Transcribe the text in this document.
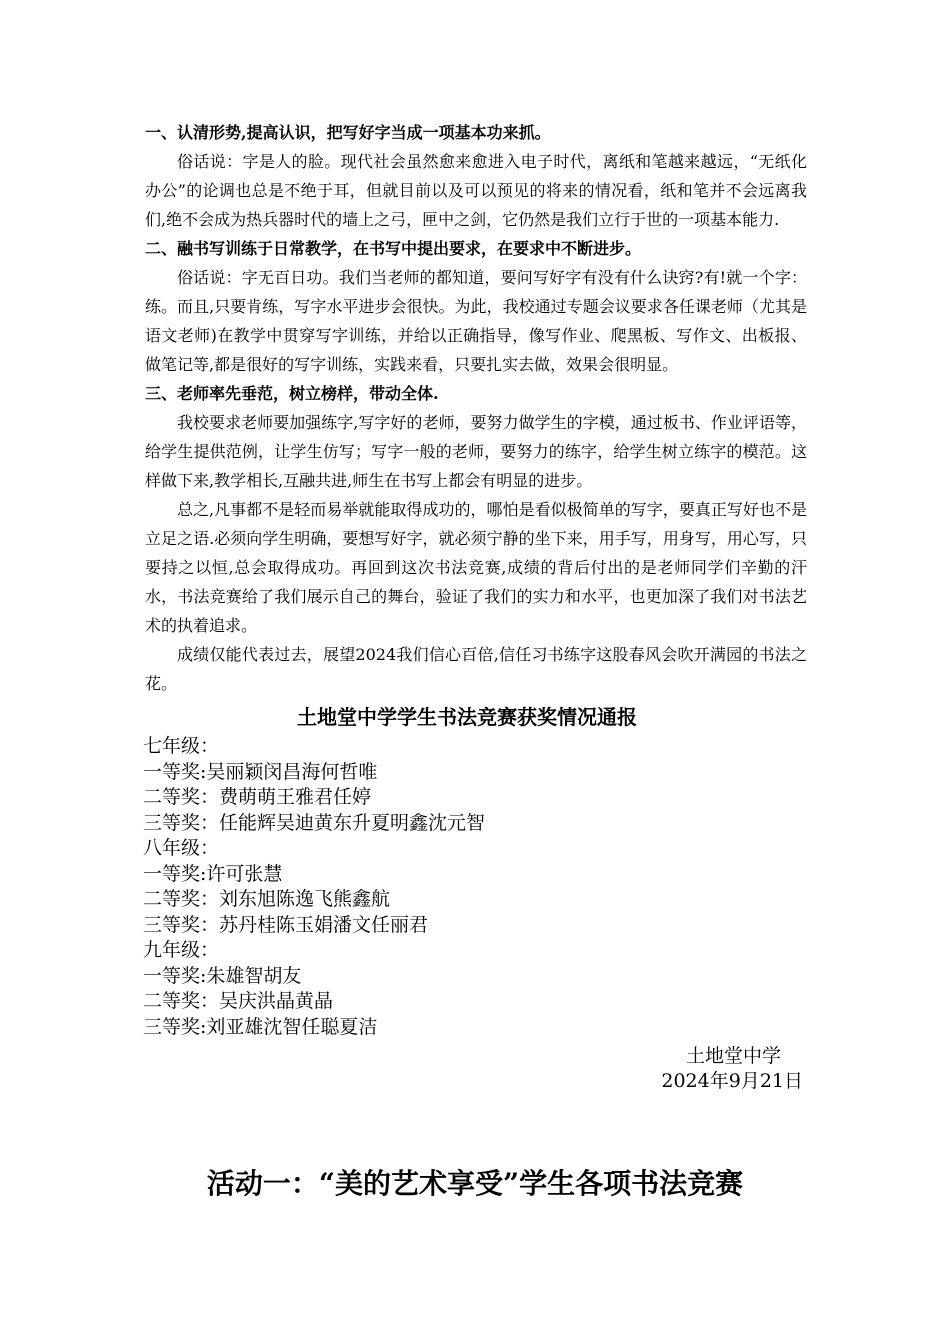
一、认清形势,提高认识，把写好字当成一项基本功来抓。

俗话说：字是人的脸。现代社会虽然愈来愈进入电子时代，离纸和笔越来越远，“无纸化办公”的论调也总是不绝于耳，但就目前以及可以预见的将来的情况看，纸和笔并不会远离我们,绝不会成为热兵器时代的墙上之弓，匣中之剑，它仍然是我们立行于世的一项基本能力.

二、融书写训练于日常教学，在书写中提出要求，在要求中不断进步。

俗话说：字无百日功。我们当老师的都知道，要问写好字有没有什么诀窍?有!就一个字：练。而且,只要肯练，写字水平进步会很快。为此，我校通过专题会议要求各任课老师（尤其是语文老师)在教学中贯穿写字训练，并给以正确指导，像写作业、爬黑板、写作文、出板报、做笔记等,都是很好的写字训练，实践来看，只要扎实去做，效果会很明显。

三、老师率先垂范，树立榜样，带动全体.

我校要求老师要加强练字,写字好的老师，要努力做学生的字模，通过板书、作业评语等，给学生提供范例，让学生仿写；写字一般的老师，要努力的练字，给学生树立练字的模范。这样做下来,教学相长,互融共进,师生在书写上都会有明显的进步。

总之,凡事都不是轻而易举就能取得成功的，哪怕是看似极简单的写字，要真正写好也不是立足之语.必须向学生明确，要想写好字，就必须宁静的坐下来，用手写，用身写，用心写，只要持之以恒,总会取得成功。再回到这次书法竞赛,成绩的背后付出的是老师同学们辛勤的汗水，书法竞赛给了我们展示自己的舞台，验证了我们的实力和水平，也更加深了我们对书法艺术的执着追求。

成绩仅能代表过去，展望2024我们信心百倍,信任习书练字这股春风会吹开满园的书法之花。

土地堂中学学生书法竞赛获奖情况通报
七年级：
一等奖:吴丽颖闵昌海何哲唯
二等奖：费萌萌王雅君任婷
三等奖：任能辉吴迪黄东升夏明鑫沈元智
八年级：
一等奖:许可张慧
二等奖：刘东旭陈逸飞熊鑫航
三等奖：苏丹桂陈玉娟潘文任丽君
九年级：
一等奖:朱雄智胡友
二等奖：吴庆洪晶黄晶
三等奖:刘亚雄沈智任聪夏洁
土地堂中学
2024年9月21日
活动一：“美的艺术享受”学生各项书法竞赛
